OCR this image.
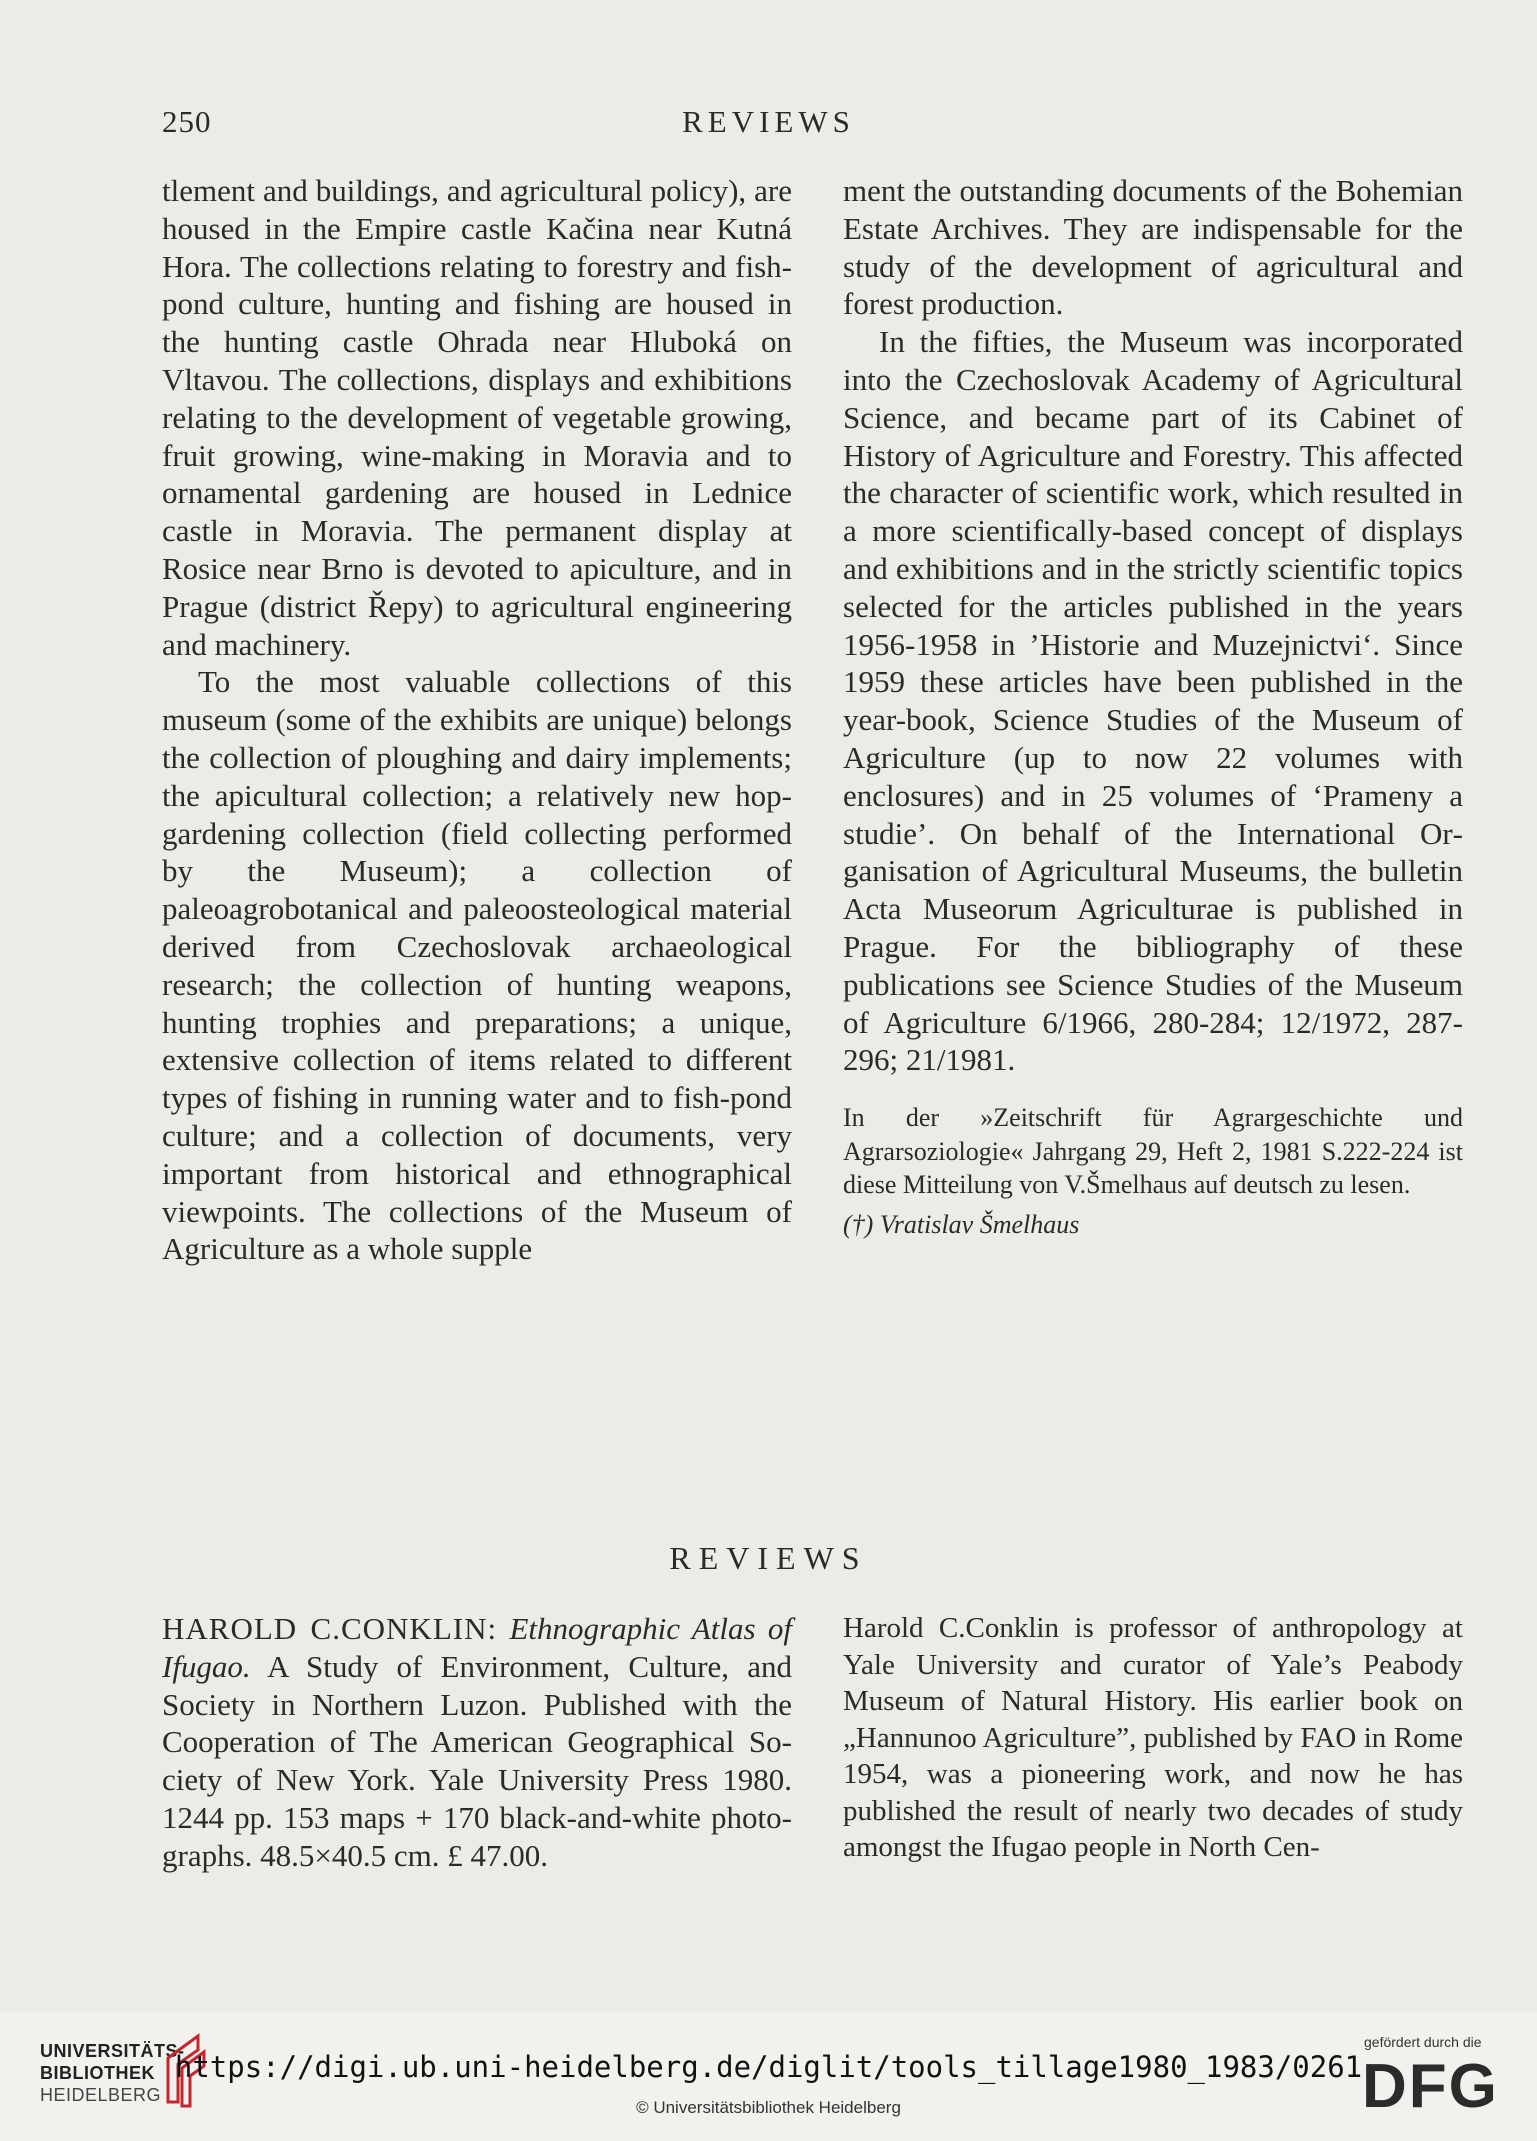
250	REVIEWS

tlement and buildings, and agricultural policy), are housed in the Empire castle Kačina near Kutná Hora. The collections relating to forestry and fish-pond culture, hunting and fishing are housed in the hunting castle Ohrada near Hluboká on Vltavou. The collections, displays and exhibitions relating to the development of vegetable growing, fruit growing, wine-making in Moravia and to ornamental gardening are housed in Lednice castle in Moravia. The permanent display at Rosice near Brno is devoted to apiculture, and in Prague (district Řepy) to agricultural engineering and machinery.

To the most valuable collections of this museum (some of the exhibits are unique) belongs the collection of ploughing and dairy implements; the apicultural collection; a relatively new hop-gardening collection (field collecting performed by the Museum); a collection of paleoagrobotanical and paleoosteological material derived from Czechoslovak archaeological research; the collection of hunting weapons, hunting trophies and preparations; a unique, extensive collection of items related to different types of fishing in running water and to fish-pond culture; and a collection of documents, very important from historical and ethnographical viewpoints. The collections of the Museum of Agriculture as a whole supple

ment the outstanding documents of the Bohemian Estate Archives. They are indispensable for the study of the development of agricultural and forest production.

In the fifties, the Museum was incorporated into the Czechoslovak Academy of Agricultural Science, and became part of its Cabinet of History of Agriculture and Forestry. This affected the character of scientific work, which resulted in a more scientifically-based concept of displays and exhibitions and in the strictly scientific topics selected for the articles published in the years 1956-1958 in ’Historie and Muzejnictvi‘. Since 1959 these articles have been published in the year-book, Science Studies of the Museum of Agriculture (up to now 22 volumes with enclosures) and in 25 volumes of ‘Prameny a studie’. On behalf of the International Organisation of Agricultural Museums, the bulletin Acta Museorum Agriculturae is published in Prague. For the bibliography of these publications see Science Studies of the Museum of Agriculture 6/1966, 280-284; 12/1972, 287-296; 21/1981.

In der »Zeitschrift für Agrargeschichte und Agrarsoziologie« Jahrgang 29, Heft 2, 1981 S.222-224 ist diese Mitteilung von V.Šmelhaus auf deutsch zu lesen.

(†) Vratislav Šmelhaus

REVIEWS

HAROLD C.CONKLIN: Ethnographic Atlas of Ifugao. A Study of Environment, Culture, and Society in Northern Luzon. Published with the Cooperation of The American Geographical Society of New York. Yale University Press 1980. 1244 pp. 153 maps + 170 black-and-white photographs. 48.5×40.5 cm. £ 47.00.

Harold C.Conklin is professor of anthropology at Yale University and curator of Yale’s Peabody Museum of Natural History. His earlier book on „Hannunoo Agriculture”, published by FAO in Rome 1954, was a pioneering work, and now he has published the result of nearly two decades of study amongst the Ifugao people in North Cen-

UNIVERSITÄTS-
BIBLIOTHEK
HEIDELBERG
https://digi.ub.uni-heidelberg.de/diglit/tools_tillage1980_1983/0261
© Universitätsbibliothek Heidelberg
gefördert durch die
DFG
